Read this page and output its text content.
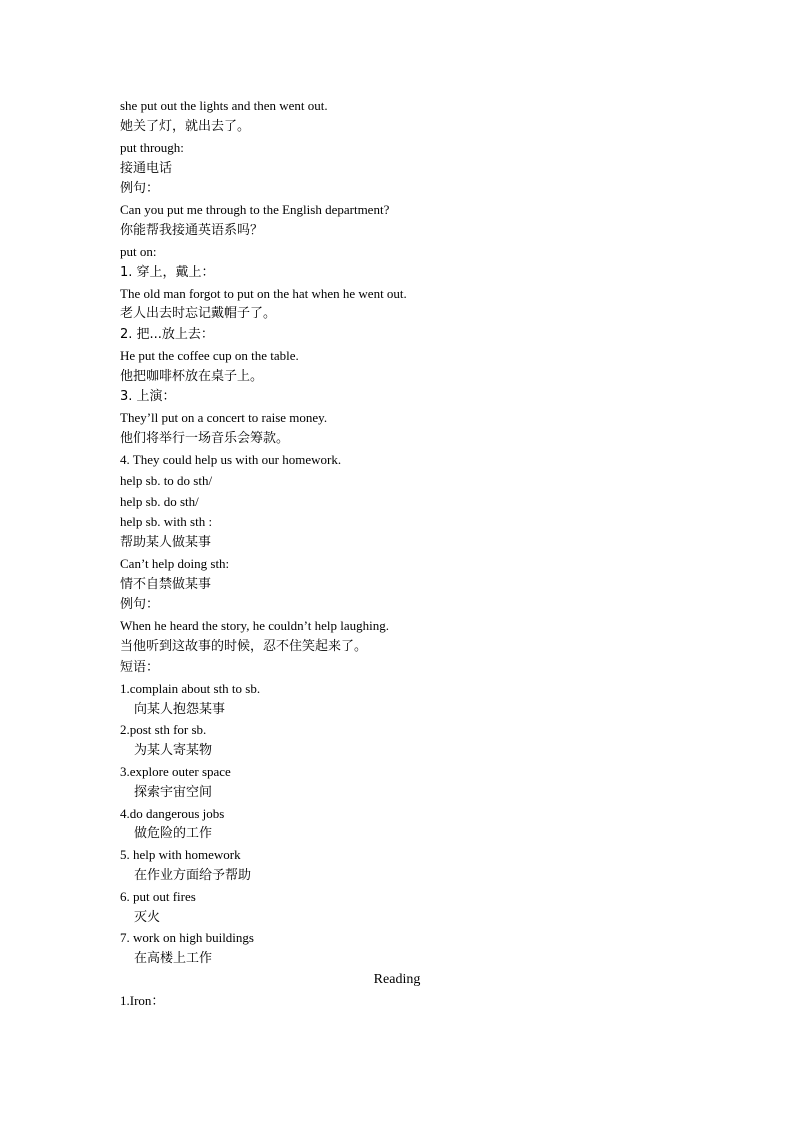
she put out the lights and then went out.
她关了灯，就出去了。
put through:
接通电话
例句：
Can you put me through to the English department?
你能帮我接通英语系吗？
put on:
1. 穿上，戴上：
The old man forgot to put on the hat when he went out.
老人出去时忘记戴帽子了。
2. 把...放上去：
He put the coffee cup on the table.
他把咖啡杯放在桌子上。
3. 上演：
They’ll put on a concert to raise money.
他们将举行一场音乐会筹款。
4. They could help us with our homework.
help sb. to do sth/
help sb. do sth/
help sb. with sth :
帮助某人做某事
Can’t help doing sth:
情不自禁做某事
例句：
When he heard the story, he couldn’t help laughing.
当他听到这故事的时候，忍不住笑起来了。
短语：
1.complain about sth to sb.
向某人抱怨某事
2.post sth for sb.
为某人寄某物
3.explore outer space
探索宇宙空间
4.do dangerous jobs
做危险的工作
5. help with homework
在作业方面给予帮助
6. put out fires
灭火
7. work on high buildings
在高楼上工作
Reading
1.Iron：
